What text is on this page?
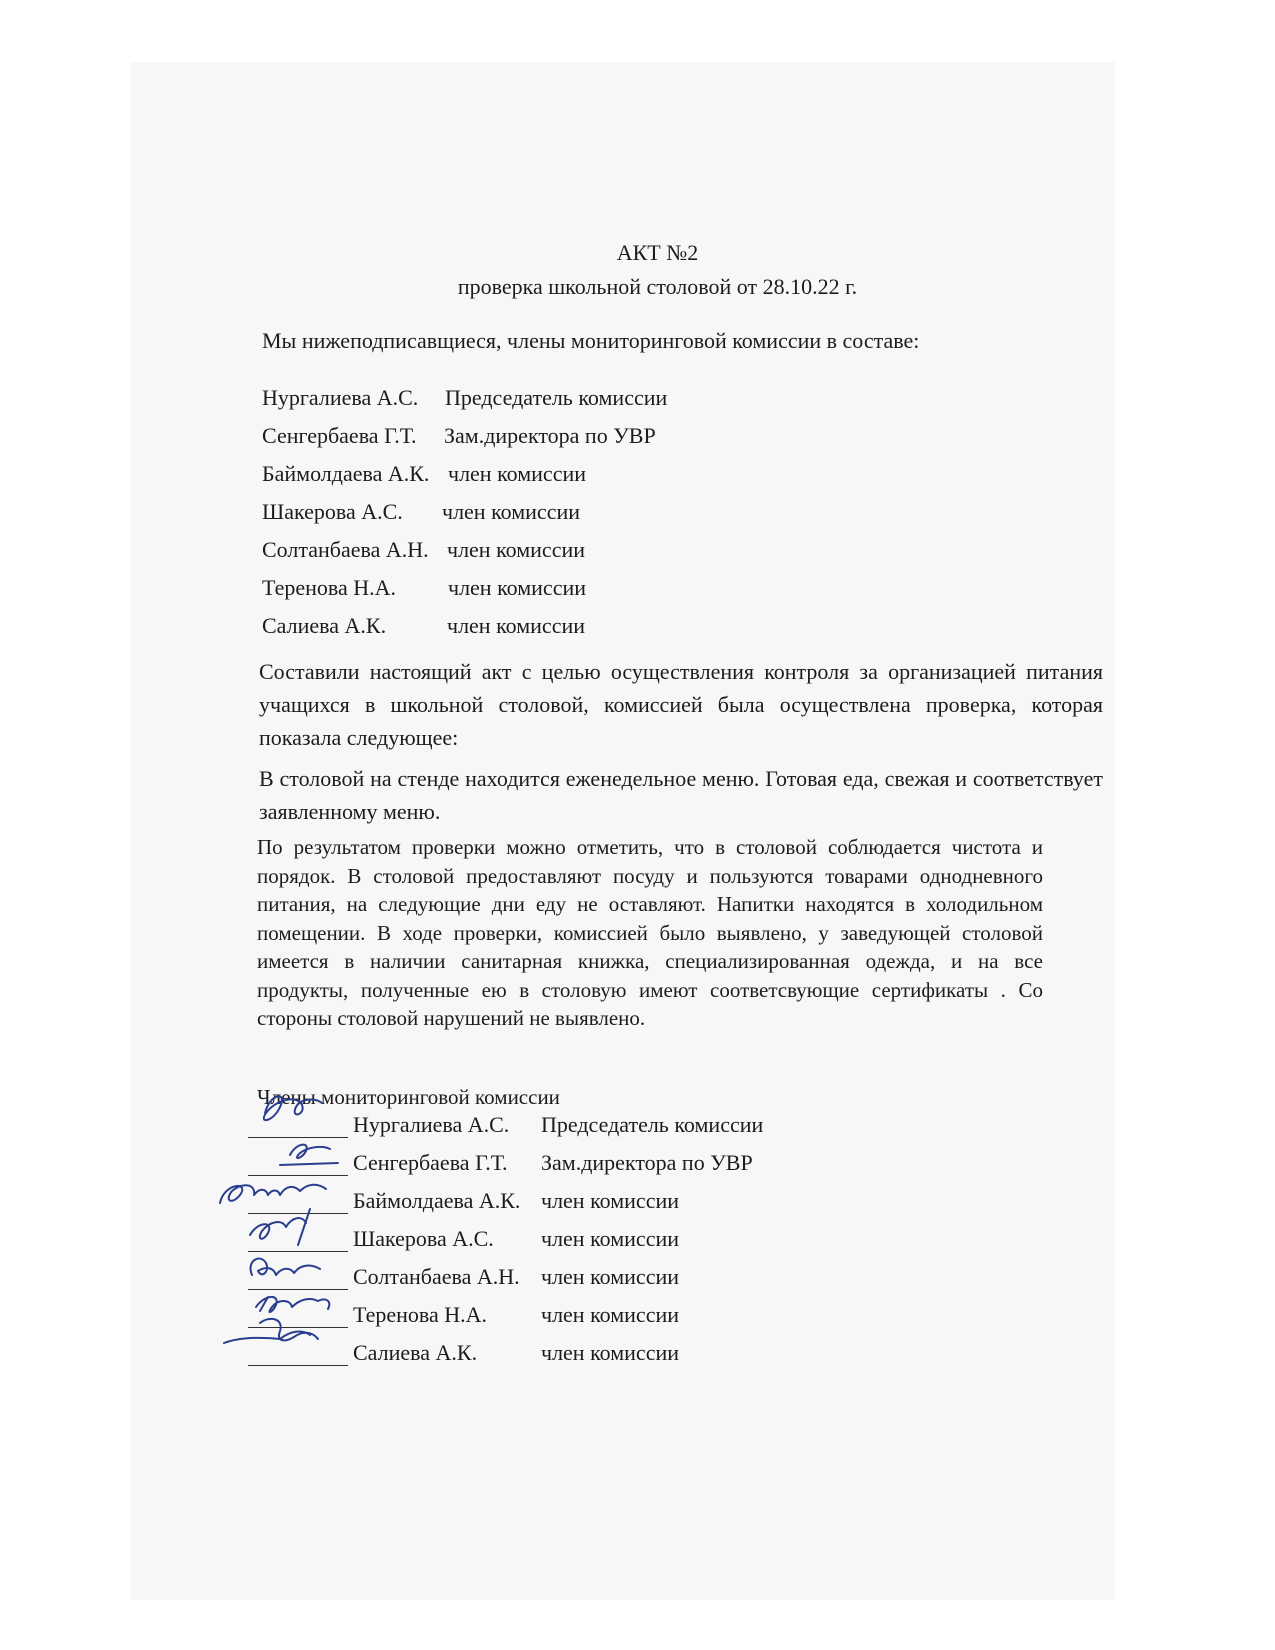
АКТ №2
проверка школьной столовой от 28.10.22 г.
Мы нижеподписавщиеся, члены мониторинговой комиссии в составе:
Нургалиева А.С. Председатель комиссии
Сенгербаева Г.Т. Зам.директора по УВР
Баймолдаева А.К. член комиссии
Шакерова А.С. член комиссии
Солтанбаева А.Н. член комиссии
Теренова Н.А. член комиссии
Салиева А.К.	член комиссии
Составили настоящий акт с целью осуществления контроля за организацией питания учащихся в школьной столовой, комиссией была осуществлена проверка, которая показала следующее:
В столовой на стенде находится еженедельное меню. Готовая еда, свежая и соответствует заявленному меню.
По результатом проверки можно отметить, что в столовой соблюдается чистота и порядок. В столовой предоставляют посуду и пользуются товарами однодневного питания, на следующие дни еду не оставляют. Напитки находятся в холодильном помещении. В ходе проверки, комиссией было выявлено, у заведующей столовой имеется в наличии санитарная книжка, специализированная одежда, и на все продукты, полученные ею в столовую имеют соответсвующие сертификаты . Со стороны столовой нарушений не выявлено.
Члены мониторинговой комиссии
Нургалиева А.С. Председатель комиссии
Сенгербаева Г.Т. Зам.директора по УВР
Баймолдаева А.К. член комиссии
Шакерова А.С. член комиссии
Солтанбаева А.Н. член комиссии
Теренова Н.А. член комиссии
Салиева А.К.	член комиссии
